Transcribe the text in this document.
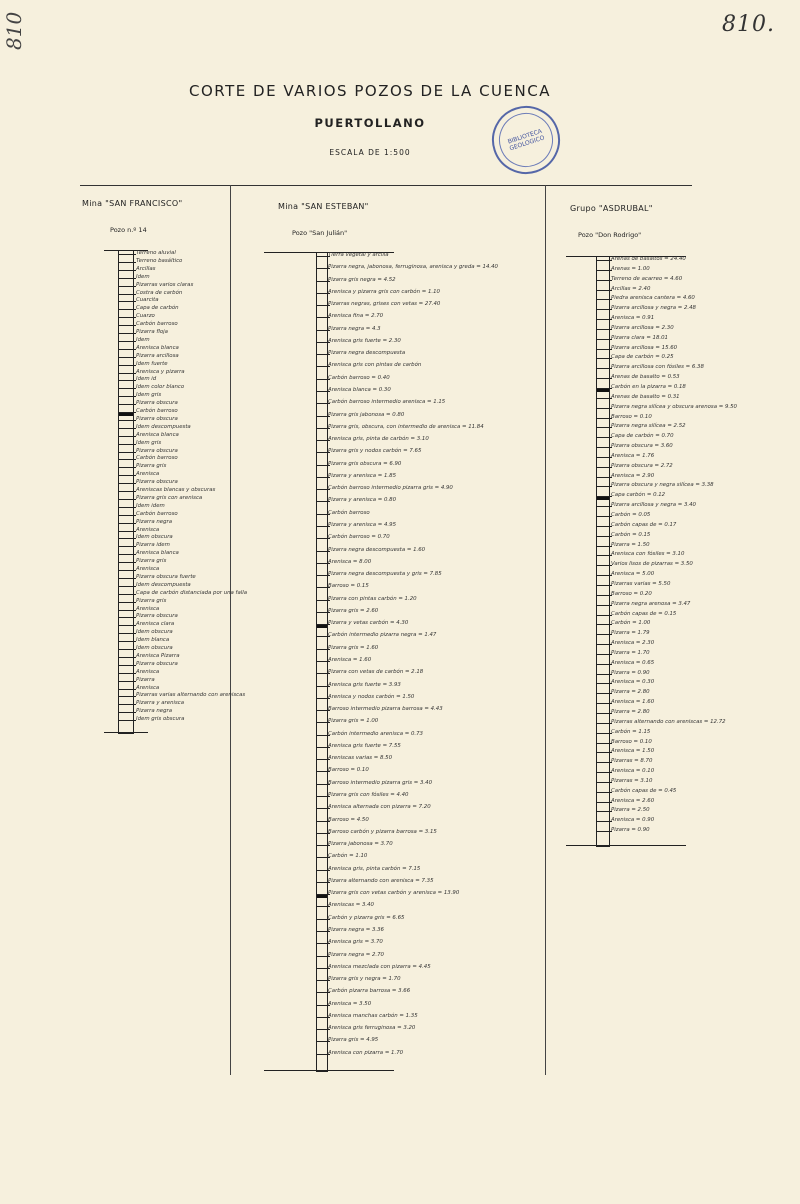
810.
810
CORTE DE VARIOS POZOS DE LA CUENCA
PUERTOLLANO
ESCALA DE 1:500
BIBLIOTECA GEOLOGICO
Mina "SAN FRANCISCO"
Pozo n.º 14
Mina "SAN ESTEBAN"
Pozo "San Julián"
Grupo "ASDRUBAL"
Pozo "Don Rodrigo"
Terreno aluvial
Terreno basáltico
Arcillas
Idem
Pizarras varios claras
Costra de carbón
Cuarcita
Capa de carbón
Cuarzo
Carbón barroso
Pizarra floja
Idem
Arenisca blanca
Pizarra arcillosa
Idem fuerte
Arenisca y pizarra
Idem id
Idem color blanco
Idem gris
Pizarra obscura
Carbón barroso
Pizarra obscura
Idem descompuesta
Arenisca blanca
Idem gris
Pizarra obscura
Carbón barroso
Pizarra gris
Arenisca
Pizarra obscura
Areniscas blancas y obscuras
Pizarra gris con arenisca
Idem idem
Carbón barroso
Pizarra negra
Arenisca
Idem obscura
Pizarra idem
Arenisca blanca
Pizarra gris
Arenisca
Pizarra obscura fuerte
Idem descompuesta
Capa de carbón distanciada por una falla
Pizarra gris
Arenisca
Pizarra obscura
Arenisca clara
Idem obscura
Idem blanca
Idem obscura
Arenisca Pizarra
Pizarra obscura
Arenisca
Pizarra
Arenisca
Pizarras varias alternando con areniscas
Pizarra y arenisca
Pizarra negra
Idem gris obscura
Tierra vegetal y arcilla
Pizarra negra, jabonosa, ferruginosa, arenisca y greda = 14.40
Pizarra gris negra = 4.52
Arenisca y pizarra gris con carbón = 1.10
Pizarras negras, grises con vetas = 27.40
Arenisca fina = 2.70
Pizarra negra = 4.3
Arenisca gris fuerte = 2.30
Pizarra negra descompuesta
Arenisca gris con pintas de carbón
Carbón barroso = 0.40
Arenisca blanca = 0.30
Carbón barroso intermedio arenisca = 1.15
Pizarra gris jabonosa = 0.80
Pizarra gris, obscura, con intermedio de arenisca = 11.84
Arenisca gris, pinta de carbón = 3.10
Pizarra gris y nodos carbón = 7.65
Pizarra gris obscura = 6.90
Pizarra y arenisca = 1.85
Carbón barroso intermedio pizarra gris = 4.90
Pizarra y arenisca = 0.80
Carbón barroso
Pizarra y arenisca = 4.95
Carbón barroso = 0.70
Pizarra negra descompuesta = 1.60
Arenisca = 8.00
Pizarra negra descompuesta y gris = 7.85
Barroso = 0.15
Pizarra con pintas carbón = 1.20
Pizarra gris = 2.60
Pizarra y vetas carbón = 4.30
Carbón intermedio pizarra negra = 1.47
Pizarra gris = 1.60
Arenisca = 1.60
Pizarra con vetas de carbón = 2.18
Arenisca gris fuerte = 3.93
Arenisca y nodos carbón = 1.50
Barroso intermedio pizarra barrosa = 4.43
Pizarra gris = 1.00
Carbón intermedio arenisca = 0.73
Arenisca gris fuerte = 7.55
Areniscas varias = 8.50
Barroso = 0.10
Barroso intermedio pizarra gris = 3.40
Pizarra gris con fósiles = 4.40
Arenisca alternada con pizarra = 7.20
Barroso = 4.50
Barroso carbón y pizarra barrosa = 3.15
Pizarra jabonosa = 3.70
Carbón = 1.10
Arenisca gris, pinta carbón = 7.15
Pizarra alternando con arenisca = 7.35
Pizarra gris con vetas carbón y arenisca = 13.90
Areniscas = 3.40
Carbón y pizarra gris = 6.65
Pizarra negra = 3.36
Arenisca gris = 3.70
Pizarra negra = 2.70
Arenisca mezclada con pizarra = 4.45
Pizarra gris y negra = 1.70
Carbón pizarra barrosa = 3.66
Arenisca = 3.50
Arenisca manchas carbón = 1.35
Arenisca gris ferruginosa = 3.20
Pizarra gris = 4.95
Arenisca con pizarra = 1.70
Arenas de basaltos = 24.40
Arenas = 1.00
Terreno de acarreo = 4.60
Arcillas = 2.40
Piedra arenisca cantera = 4.60
Pizarra arcillosa y negra = 2.48
Arenisca = 0.91
Pizarra arcillosa = 2.30
Pizarra clara = 18.01
Pizarra arcillosa = 15.60
Capa de carbón = 0.25
Pizarra arcillosa con fósiles = 6.38
Arenas de basalto = 0.53
Carbón en la pizarra = 0.18
Arenas de basalto = 0.31
Pizarra negra silícea y obscura arenosa = 9.50
Barroso = 0.10
Pizarra negra silícea = 2.52
Capa de carbón = 0.70
Pizarra obscura = 3.60
Arenisca = 1.76
Pizarra obscura = 2.72
Arenisca = 2.90
Pizarra obscura y negra silícea = 3.38
Capa carbón = 0.12
Pizarra arcillosa y negra = 3.40
Carbón = 0.05
Carbón capas de = 0.17
Carbón = 0.15
Pizarra = 1.50
Arenisca con fósiles = 3.10
Varios lisos de pizarras = 3.50
Arenisca = 5.00
Pizarras varias = 5.50
Barroso = 0.20
Pizarra negra arenosa = 3.47
Carbón capas de = 0.15
Carbón = 1.00
Pizarra = 1.79
Arenisca = 2.30
Pizarra = 1.70
Arenisca = 0.65
Pizarra = 0.90
Arenisca = 0.30
Pizarra = 2.80
Arenisca = 1.60
Pizarra = 2.80
Pizarras alternando con areniscas = 12.72
Carbón = 1.15
Barroso = 0.10
Arenisca = 1.50
Pizarras = 8.70
Arenisca = 0.10
Pizarras = 3.10
Carbón capas de = 0.45
Arenisca = 2.60
Pizarra = 2.50
Arenisca = 0.90
Pizarra = 0.90
